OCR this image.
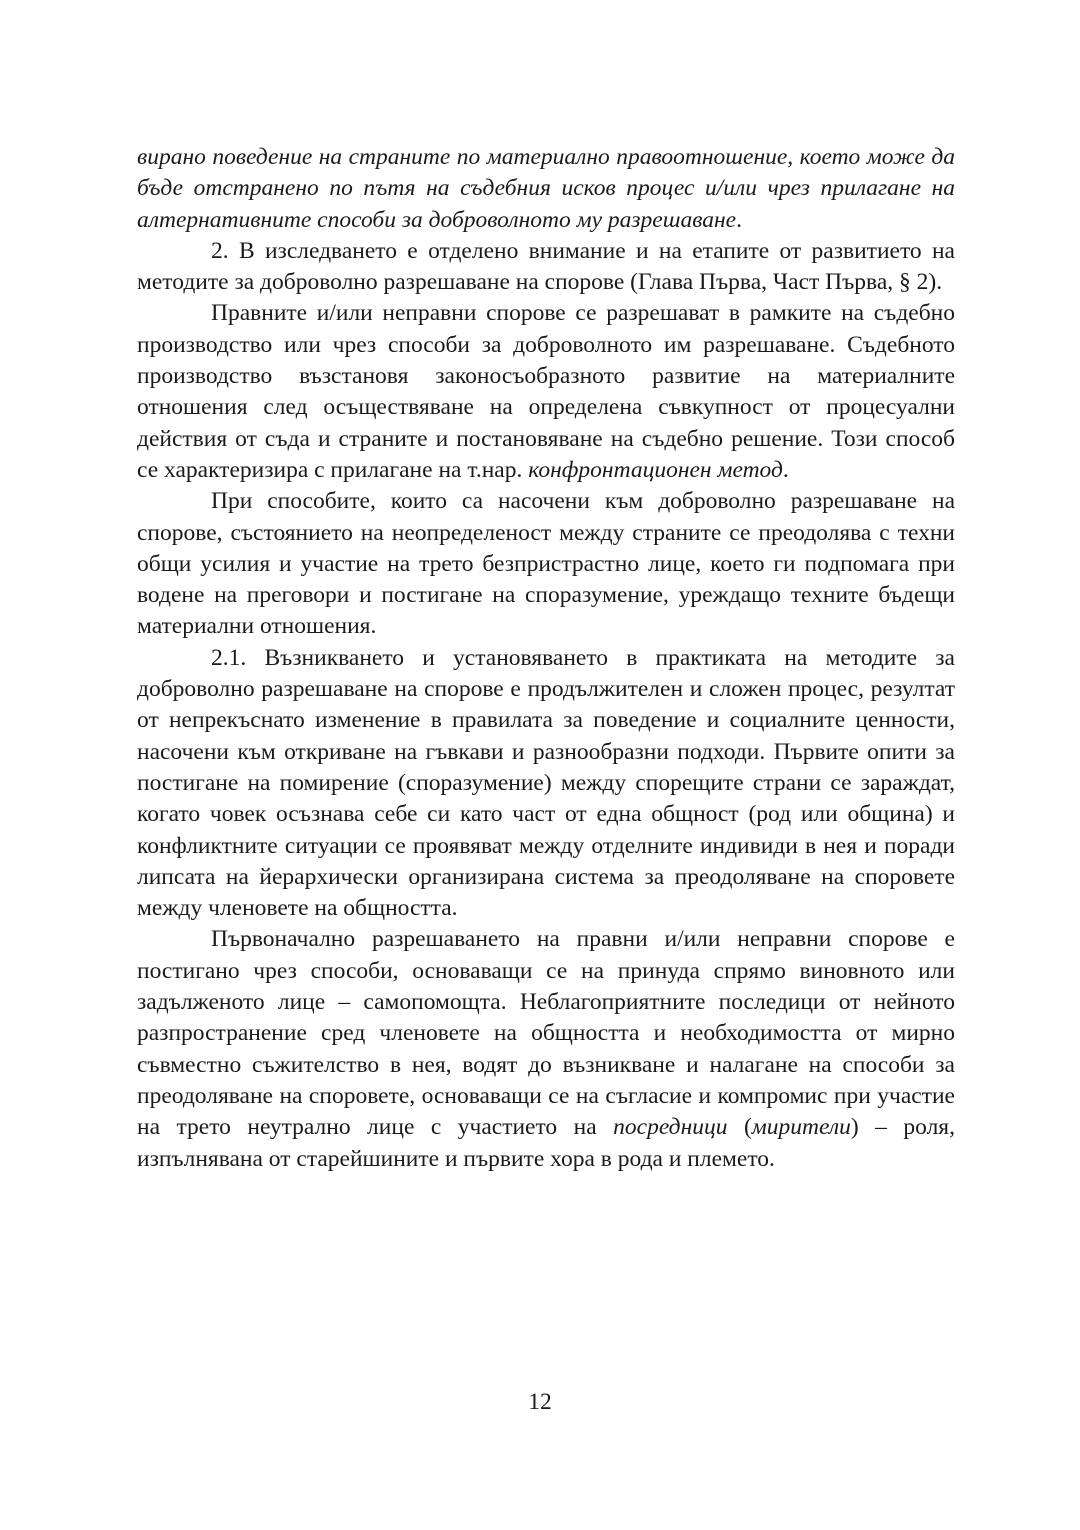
вирано поведение на страните по материално правоотношение, което може да бъде отстранено по пътя на съдебния исков процес и/или чрез прилагане на алтернативните способи за доброволното му разрешаване.

2. В изследването е отделено внимание и на етапите от развитието на методите за доброволно разрешаване на спорове (Глава Първа, Част Първа, § 2).

Правните и/или неправни спорове се разрешават в рамките на съдебно производство или чрез способи за доброволното им разрешаване. Съдебното производство възстановя законосъобразното развитие на материалните отношения след осъществяване на определена съвкупност от процесуални действия от съда и страните и постановяване на съдебно решение. Този способ се характеризира с прилагане на т.нар. конфронтационен метод.

При способите, които са насочени към доброволно разрешаване на спорове, състоянието на неопределеност между страните се преодолява с техни общи усилия и участие на трето безпристрастно лице, което ги подпомага при водене на преговори и постигане на споразумение, уреждащо техните бъдещи материални отношения.

2.1. Възникването и установяването в практиката на методите за доброволно разрешаване на спорове е продължителен и сложен процес, резултат от непрекъснато изменение в правилата за поведение и социалните ценности, насочени към откриване на гъвкави и разнообразни подходи. Първите опити за постигане на помирение (споразумение) между спорещите страни се зараждат, когато човек осъзнава себе си като част от една общност (род или община) и конфликтните ситуации се проявяват между отделните индивиди в нея и поради липсата на йерархически организирана система за преодоляване на споровете между членовете на общността.

Първоначално разрешаването на правни и/или неправни спорове е постигано чрез способи, основаващи се на принуда спрямо виновното или задълженото лице – самопомощта. Неблагоприятните последици от нейното разпространение сред членовете на общността и необходимостта от мирно съвместно съжителство в нея, водят до възникване и налагане на способи за преодоляване на споровете, основаващи се на съгласие и компромис при участие на трето неутрално лице с участието на посредници (мирители) – роля, изпълнявана от старейшините и първите хора в рода и племето.

12
